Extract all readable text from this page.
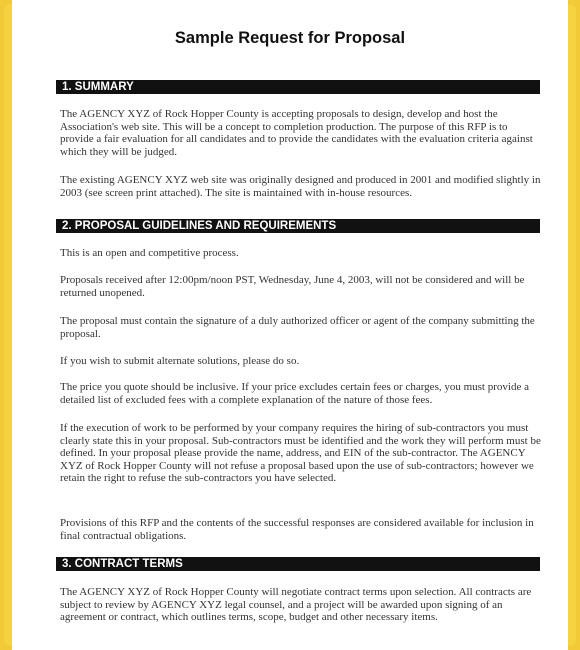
Sample Request for Proposal
1. SUMMARY

The AGENCY XYZ of Rock Hopper County is accepting proposals to design, develop and host the Association's web site. This will be a concept to completion production. The purpose of this RFP is to provide a fair evaluation for all candidates and to provide the candidates with the evaluation criteria against which they will be judged.

The existing AGENCY XYZ web site was originally designed and produced in 2001 and modified slightly in 2003 (see screen print attached). The site is maintained with in-house resources.

2. PROPOSAL GUIDELINES AND REQUIREMENTS

This is an open and competitive process.

Proposals received after 12:00pm/noon PST, Wednesday, June 4, 2003, will not be considered and will be returned unopened.

The proposal must contain the signature of a duly authorized officer or agent of the company submitting the proposal.

If you wish to submit alternate solutions, please do so.

The price you quote should be inclusive. If your price excludes certain fees or charges, you must provide a detailed list of excluded fees with a complete explanation of the nature of those fees.

If the execution of work to be performed by your company requires the hiring of sub-contractors you must clearly state this in your proposal. Sub-contractors must be identified and the work they will perform must be defined. In your proposal please provide the name, address, and EIN of the sub-contractor. The AGENCY XYZ of Rock Hopper County will not refuse a proposal based upon the use of sub-contractors; however we retain the right to refuse the sub-contractors you have selected.

Provisions of this RFP and the contents of the successful responses are considered available for inclusion in final contractual obligations.

3. CONTRACT TERMS

The AGENCY XYZ of Rock Hopper County will negotiate contract terms upon selection. All contracts are subject to review by AGENCY XYZ legal counsel, and a project will be awarded upon signing of an agreement or contract, which outlines terms, scope, budget and other necessary items.
